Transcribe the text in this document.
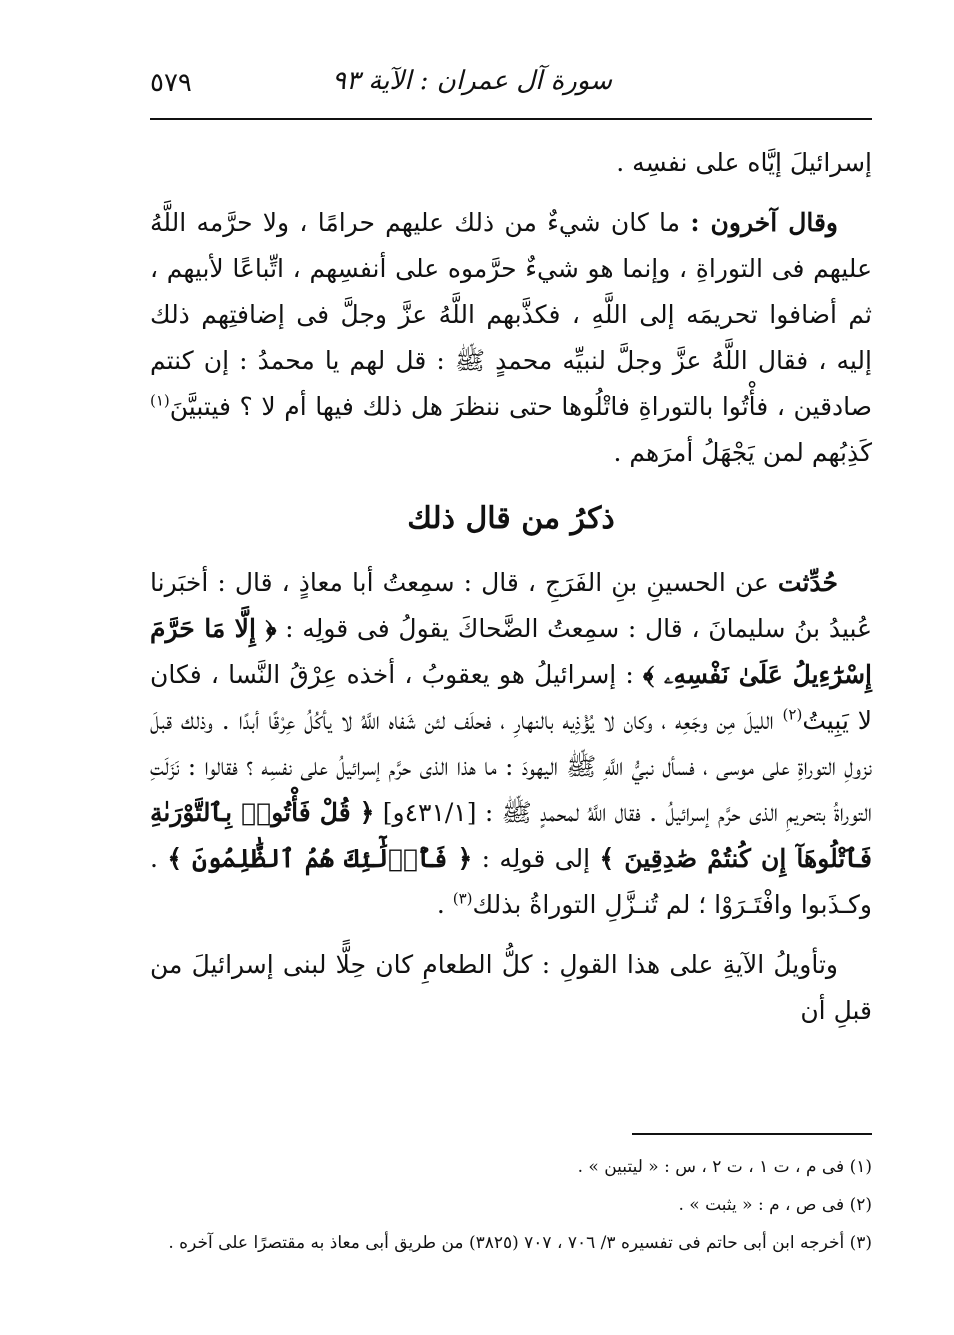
سورة آل عمران : الآية ٩٣
٥٧٩

إسرائيلَ إيَّاه على نفسِه .

وقال آخرون : ما كان شيءٌ من ذلك عليهم حرامًا ، ولا حرَّمه اللَّهُ عليهم فى التوراةِ ، وإنما هو شيءٌ حرَّموه على أنفسِهم ، اتِّباعًا لأبيهم ، ثم أضافوا تحريمَه إلى اللَّهِ ، فكذَّبهم اللَّهُ عزَّ وجلَّ فى إضافتِهم ذلك إليه ، فقال اللَّهُ عزَّ وجلَّ لنبيِّه محمدٍ ﷺ : قل لهم يا محمدُ : إن كنتم صادقين ، فأْتُوا بالتوراةِ فاتْلُوها حتى ننظرَ هل ذلك فيها أم لا ؟ فيتبيَّنَ$^{(١)}$ كَذِبُهم لمن يَجْهَلُ أمرَهم .

ذكرُ من قال ذلك

حُدِّثت عن الحسينِ بنِ الفَرَجِ ، قال : سمِعتُ أبا معاذٍ ، قال : أخبَرنا عُبيدُ بنُ سليمانَ ، قال : سمِعتُ الضَّحاكَ يقولُ فى قولِه : ﴿ إِلَّا مَا حَرَّمَ إِسْرَٰٓءِيلُ عَلَىٰ نَفْسِهِۦ ﴾ : إسرائيلُ هو يعقوبُ ، أخذه عِرْقُ النَّسا ، فكان لا يَبِيتُ$^{(٢)}$ الليلَ مِن وجَعِه ، وكان لا يُؤْذِيه بالنهارِ ، فحلَف لئن شَفاه اللَّهُ لا يأكُلُ عِرْقًا أبدًا . وذلك قبلَ نزولِ التوراةِ على موسى ، فسأل نبيُّ اللَّهِ ﷺ اليهودَ : ما هذا الذى حرَّم إسرائيلُ على نفسِه ؟ فقالوا : نَزَلَتِ التوراةُ بتحريمِ الذى حرَّم إسرائيلُ . فقال اللَّهُ لمحمدٍ ﷺ : [٤٣١/١و] ﴿ قُلْ فَأْتُوا۟ بِٱلتَّوْرَىٰةِ فَٱتْلُوهَآ إِن كُنتُمْ صَٰدِقِينَ ﴾ إلى قولِه : ﴿ فَأُو۟لَٰٓئِكَ هُمُ ٱلظَّٰلِمُونَ ﴾ . وكـذَبوا وافْتَـرَوْا ؛ لم تُنـزَّلِ التوراةُ بذلك$^{(٣)}$ .

وتأويلُ الآيةِ على هذا القولِ : كلُّ الطعامِ كان حِلًّا لبنى إسرائيلَ من قبلِ أن

(١) فى م ، ت ١ ، ت ٢ ، س : « ليتبين » .
(٢) فى ص ، م : « يثبت » .
(٣) أخرجه ابن أبى حاتم فى تفسيره ٣/ ٧٠٦ ، ٧٠٧ (٣٨٢٥) من طريق أبى معاذ به مقتصرًا على آخره .
